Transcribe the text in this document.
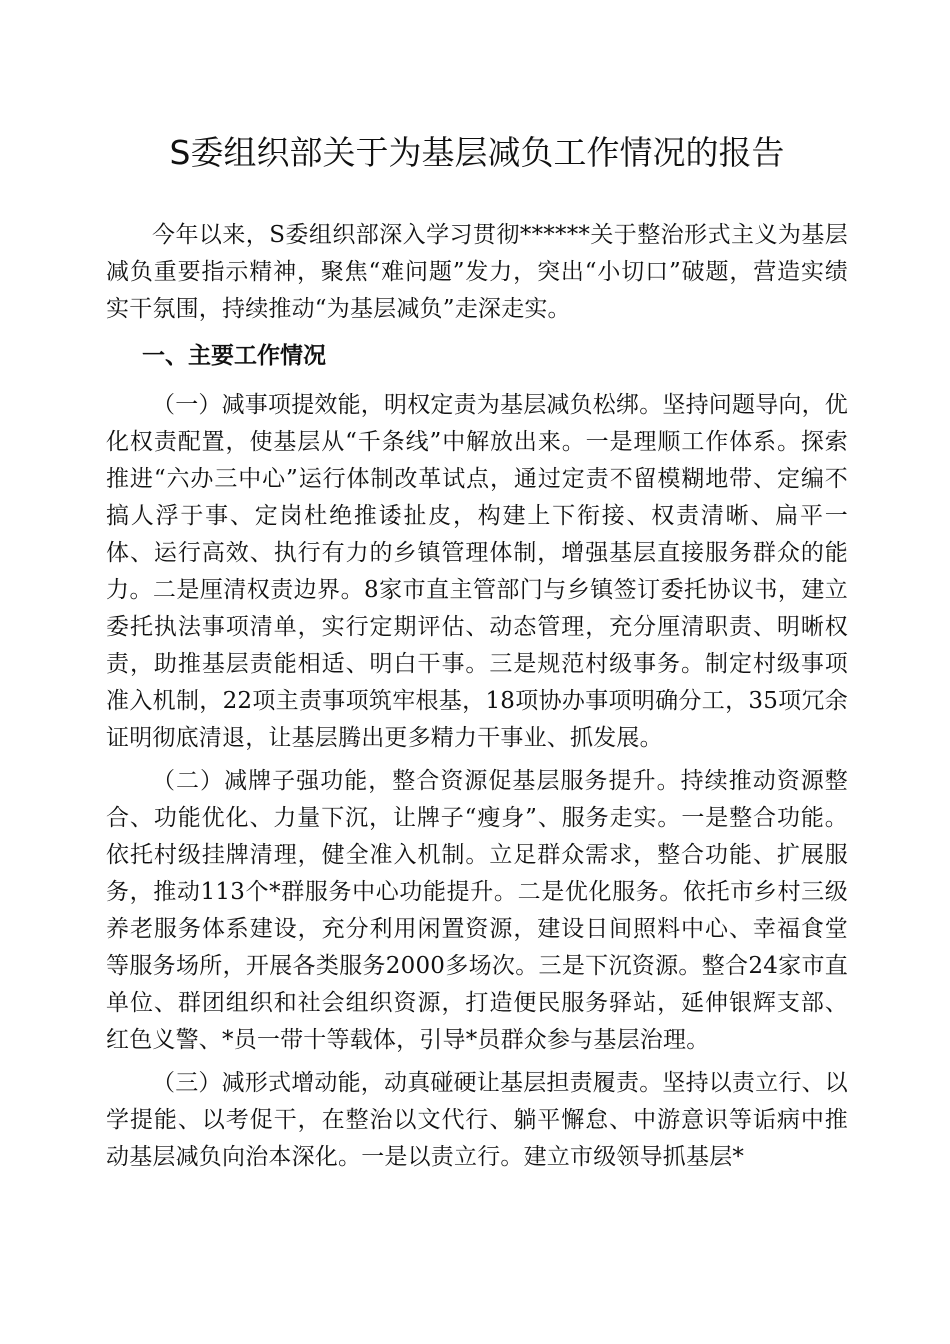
S委组织部关于为基层减负工作情况的报告

今年以来，S委组织部深入学习贯彻******关于整治形式主义为基层减负重要指示精神，聚焦“难问题”发力，突出“小切口”破题，营造实绩实干氛围，持续推动“为基层减负”走深走实。

一、主要工作情况

（一）减事项提效能，明权定责为基层减负松绑。坚持问题导向，优化权责配置，使基层从“千条线”中解放出来。一是理顺工作体系。探索推进“六办三中心”运行体制改革试点，通过定责不留模糊地带、定编不搞人浮于事、定岗杜绝推诿扯皮，构建上下衔接、权责清晰、扁平一体、运行高效、执行有力的乡镇管理体制，增强基层直接服务群众的能力。二是厘清权责边界。8家市直主管部门与乡镇签订委托协议书，建立委托执法事项清单，实行定期评估、动态管理，充分厘清职责、明晰权责，助推基层责能相适、明白干事。三是规范村级事务。制定村级事项准入机制，22项主责事项筑牢根基，18项协办事项明确分工，35项冗余证明彻底清退，让基层腾出更多精力干事业、抓发展。

（二）减牌子强功能，整合资源促基层服务提升。持续推动资源整合、功能优化、力量下沉，让牌子“瘦身”、服务走实。一是整合功能。依托村级挂牌清理，健全准入机制。立足群众需求，整合功能、扩展服务，推动113个*群服务中心功能提升。二是优化服务。依托市乡村三级养老服务体系建设，充分利用闲置资源，建设日间照料中心、幸福食堂等服务场所，开展各类服务2000多场次。三是下沉资源。整合24家市直单位、群团组织和社会组织资源，打造便民服务驿站，延伸银辉支部、红色义警、*员一带十等载体，引导*员群众参与基层治理。

（三）减形式增动能，动真碰硬让基层担责履责。坚持以责立行、以学提能、以考促干，在整治以文代行、躺平懈怠、中游意识等诟病中推动基层减负向治本深化。一是以责立行。建立市级领导抓基层*
